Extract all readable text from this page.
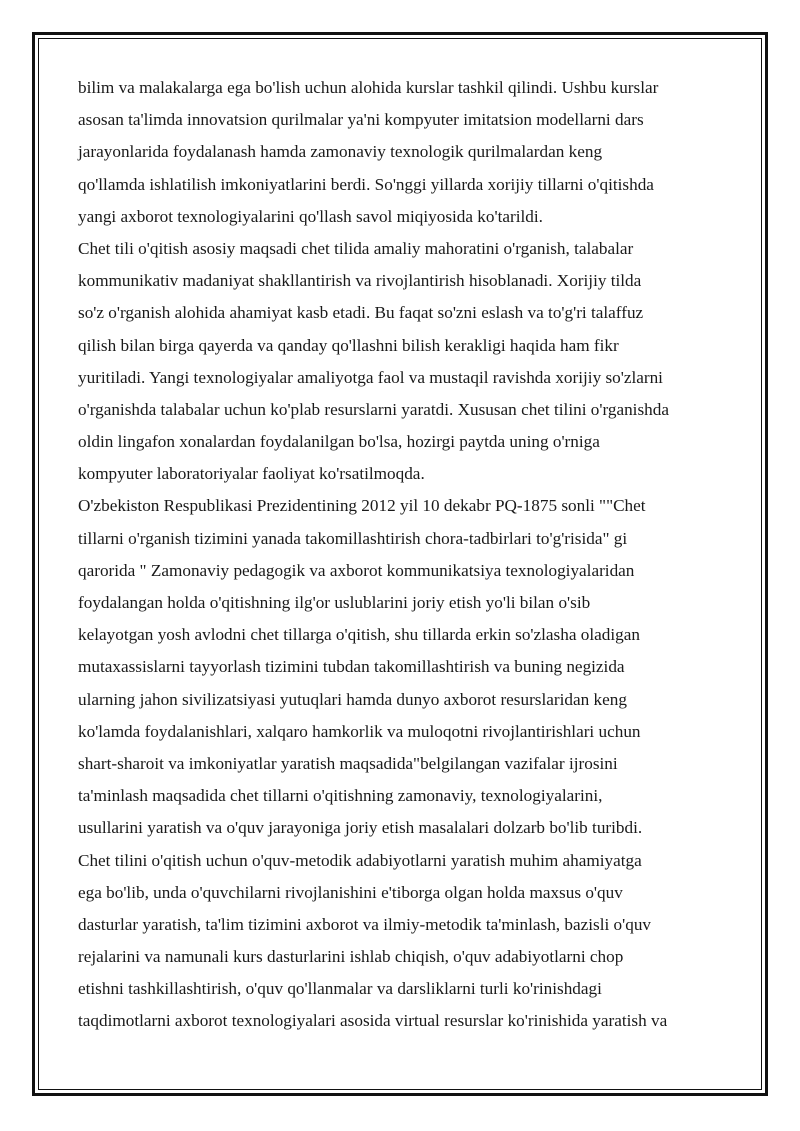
bilim va malakalarga ega bo'lish uchun alohida kurslar tashkil qilindi. Ushbu kurslar
asosan ta'limda innovatsion qurilmalar ya'ni kompyuter imitatsion modellarni dars
jarayonlarida foydalanash hamda zamonaviy texnologik qurilmalardan keng
qo'llamda ishlatilish imkoniyatlarini berdi. So'nggi yillarda xorijiy tillarni o'qitishda
yangi axborot texnologiyalarini qo'llash savol miqiyosida ko'tarildi.
Chet tili o'qitish asosiy maqsadi chet tilida amaliy mahoratini o'rganish, talabalar
kommunikativ madaniyat shakllantirish va rivojlantirish hisoblanadi. Xorijiy tilda
so'z o'rganish alohida ahamiyat kasb etadi. Bu faqat so'zni eslash va to'g'ri talaffuz
qilish bilan birga qayerda va qanday qo'llashni bilish kerakligi haqida ham fikr
yuritiladi. Yangi texnologiyalar amaliyotga faol va mustaqil ravishda xorijiy so'zlarni
o'rganishda talabalar uchun ko'plab resurslarni yaratdi. Xususan chet tilini o'rganishda
oldin lingafon xonalardan foydalanilgan bo'lsa, hozirgi paytda uning o'rniga
kompyuter laboratoriyalar faoliyat ko'rsatilmoqda.
O'zbekiston Respublikasi Prezidentining 2012 yil 10 dekabr PQ-1875 sonli ""Chet
tillarni o'rganish tizimini yanada takomillashtirish chora-tadbirlari to'g'risida" gi
qarorida " Zamonaviy pedagogik va axborot kommunikatsiya texnologiyalaridan
foydalangan holda o'qitishning ilg'or uslublarini joriy etish yo'li bilan o'sib
kelayotgan yosh avlodni chet tillarga o'qitish, shu tillarda erkin so'zlasha oladigan
mutaxassislarni tayyorlash tizimini tubdan takomillashtirish va buning negizida
ularning jahon sivilizatsiyasi yutuqlari hamda dunyo axborot resurslaridan keng
ko'lamda foydalanishlari, xalqaro hamkorlik va muloqotni rivojlantirishlari uchun
shart-sharoit va imkoniyatlar yaratish maqsadida"belgilangan vazifalar ijrosini
ta'minlash maqsadida chet tillarni o'qitishning zamonaviy, texnologiyalarini,
usullarini yaratish va o'quv jarayoniga joriy etish masalalari dolzarb bo'lib turibdi.
Chet tilini o'qitish uchun o'quv-metodik adabiyotlarni yaratish muhim ahamiyatga
ega bo'lib, unda o'quvchilarni rivojlanishini e'tiborga olgan holda maxsus o'quv
dasturlar yaratish, ta'lim tizimini axborot va ilmiy-metodik ta'minlash, bazisli o'quv
rejalarini va namunali kurs dasturlarini ishlab chiqish, o'quv adabiyotlarni chop
etishni tashkillashtirish, o'quv qo'llanmalar va darsliklarni turli ko'rinishdagi
taqdimotlarni axborot texnologiyalari asosida virtual resurslar ko'rinishida yaratish va
